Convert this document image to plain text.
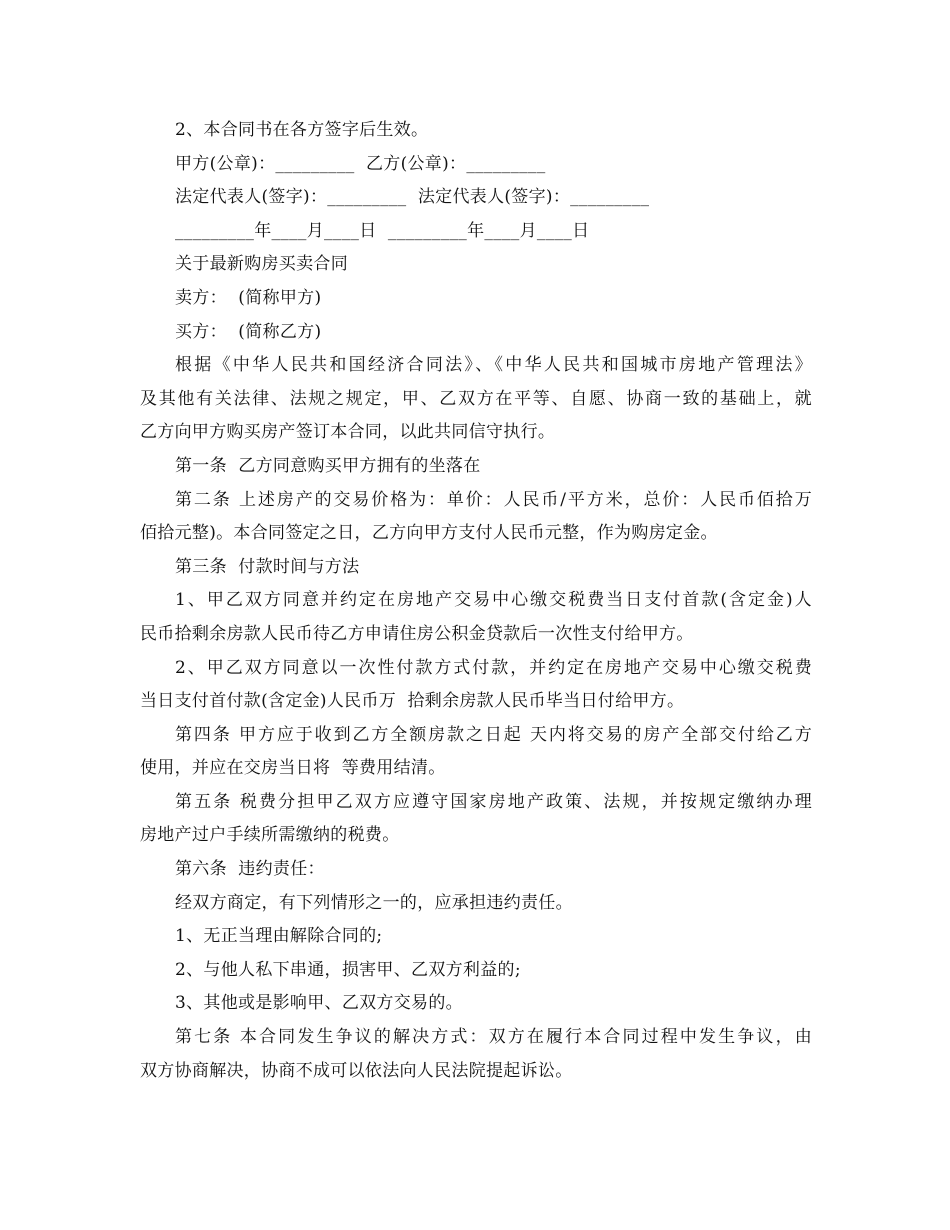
2、本合同书在各方签字后生效。

甲方(公章)：_________  乙方(公章)：_________

法定代表人(签字)：_________  法定代表人(签字)：_________

_________年____月____日  _________年____月____日

关于最新购房买卖合同

卖方：  (简称甲方)

买方：  (简称乙方)

根据《中华人民共和国经济合同法》、《中华人民共和国城市房地产管理法》

及其他有关法律、法规之规定，甲、乙双方在平等、自愿、协商一致的基础上，就

乙方向甲方购买房产签订本合同，以此共同信守执行。

第一条  乙方同意购买甲方拥有的坐落在

第二条 上述房产的交易价格为：单价：人民币/平方米，总价：人民币佰拾万

佰拾元整)。本合同签定之日，乙方向甲方支付人民币元整，作为购房定金。

第三条  付款时间与方法

1、甲乙双方同意并约定在房地产交易中心缴交税费当日支付首款(含定金)人

民币拾剩余房款人民币待乙方申请住房公积金贷款后一次性支付给甲方。

2、甲乙双方同意以一次性付款方式付款，并约定在房地产交易中心缴交税费

当日支付首付款(含定金)人民币万  拾剩余房款人民币毕当日付给甲方。

第四条 甲方应于收到乙方全额房款之日起 天内将交易的房产全部交付给乙方

使用，并应在交房当日将  等费用结清。

第五条 税费分担甲乙双方应遵守国家房地产政策、法规，并按规定缴纳办理

房地产过户手续所需缴纳的税费。

第六条  违约责任：

经双方商定，有下列情形之一的，应承担违约责任。

1、无正当理由解除合同的;

2、与他人私下串通，损害甲、乙双方利益的;

3、其他或是影响甲、乙双方交易的。

第七条 本合同发生争议的解决方式：双方在履行本合同过程中发生争议，由

双方协商解决，协商不成可以依法向人民法院提起诉讼。
